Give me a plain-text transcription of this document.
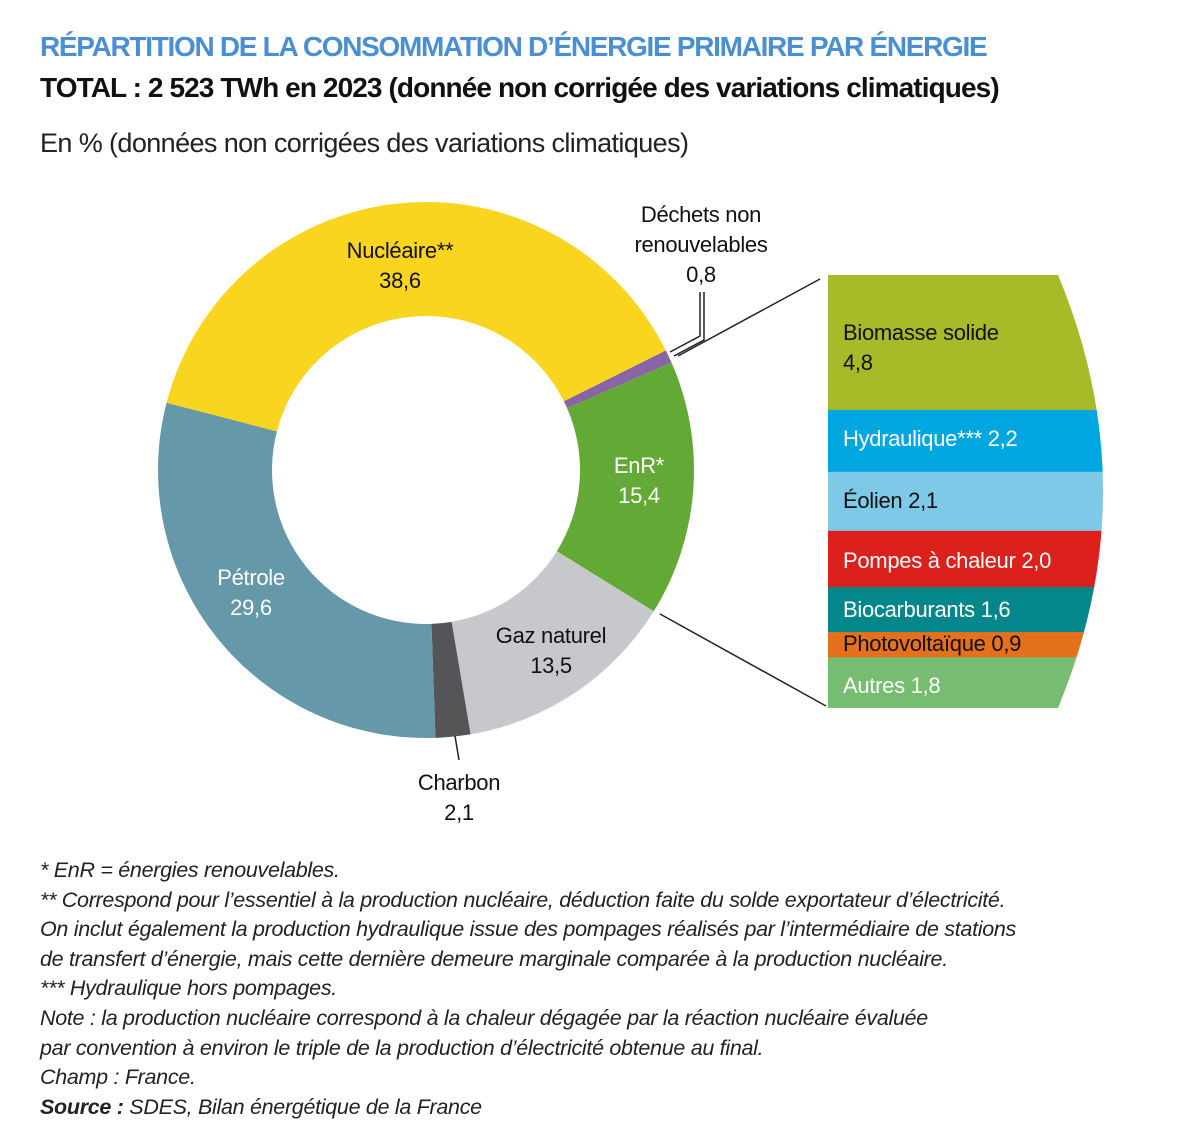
RÉPARTITION DE LA CONSOMMATION D’ÉNERGIE PRIMAIRE PAR ÉNERGIE
TOTAL : 2 523 TWh en 2023 (donnée non corrigée des variations climatiques)
En % (données non corrigées des variations climatiques)
Nucléaire**
38,6
Pétrole
29,6
EnR*
15,4
Gaz naturel
13,5
Charbon
2,1
Déchets non
renouvelables
0,8
Biomasse solide
4,8
Hydraulique*** 2,2
Éolien 2,1
Pompes à chaleur 2,0
Biocarburants 1,6
Photovoltaïque 0,9
Autres 1,8
* EnR = énergies renouvelables.
** Correspond pour l’essentiel à la production nucléaire, déduction faite du solde exportateur d’électricité.
On inclut également la production hydraulique issue des pompages réalisés par l’intermédiaire de stations
de transfert d’énergie, mais cette dernière demeure marginale comparée à la production nucléaire.
*** Hydraulique hors pompages.
Note : la production nucléaire correspond à la chaleur dégagée par la réaction nucléaire évaluée
par convention à environ le triple de la production d’électricité obtenue au final.
Champ : France.
Source : SDES, Bilan énergétique de la France
